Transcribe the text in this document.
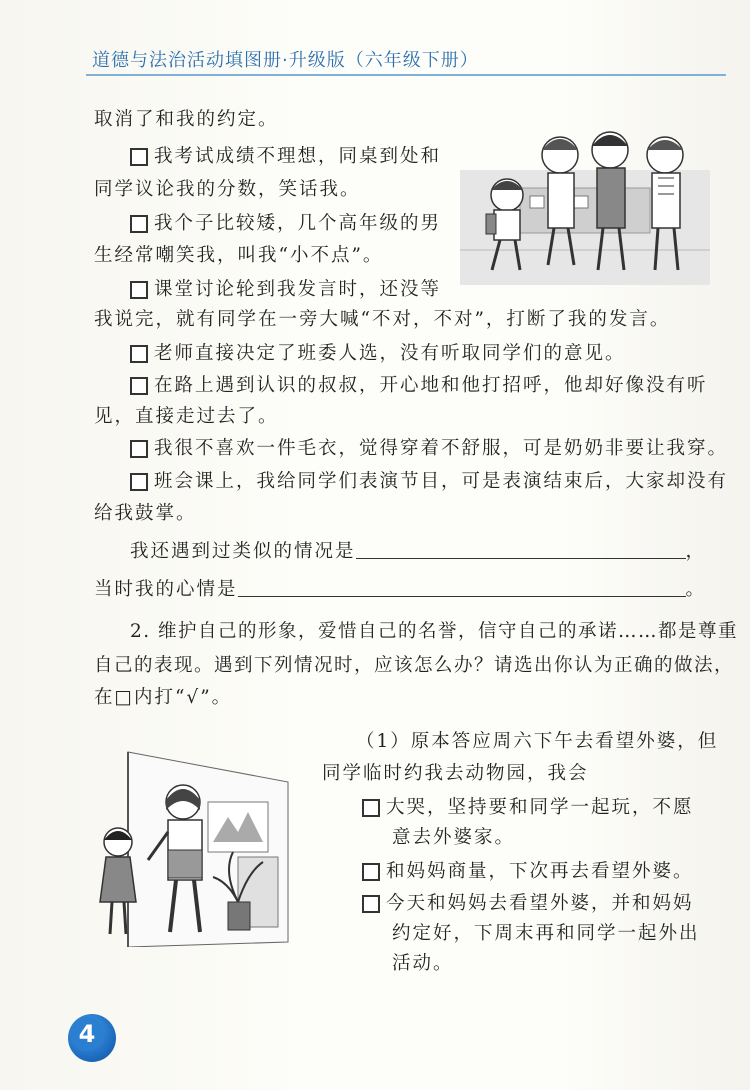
道德与法治活动填图册·升级版（六年级下册）
取消了和我的约定。
我考试成绩不理想，同桌到处和
同学议论我的分数，笑话我。
我个子比较矮，几个高年级的男
生经常嘲笑我，叫我“小不点”。
课堂讨论轮到我发言时，还没等
我说完，就有同学在一旁大喊“不对，不对”，打断了我的发言。
老师直接决定了班委人选，没有听取同学们的意见。
在路上遇到认识的叔叔，开心地和他打招呼，他却好像没有听
见，直接走过去了。
我很不喜欢一件毛衣，觉得穿着不舒服，可是奶奶非要让我穿。
班会课上，我给同学们表演节目，可是表演结束后，大家却没有
给我鼓掌。
我还遇到过类似的情况是	，
当时我的心情是	。
2. 维护自己的形象，爱惜自己的名誉，信守自己的承诺……都是尊重
自己的表现。遇到下列情况时，应该怎么办？请选出你认为正确的做法，
在□内打“√”。
（1）原本答应周六下午去看望外婆，但
同学临时约我去动物园，我会
大哭，坚持要和同学一起玩，不愿
意去外婆家。
和妈妈商量，下次再去看望外婆。
今天和妈妈去看望外婆，并和妈妈
约定好，下周末再和同学一起外出
活动。
4
